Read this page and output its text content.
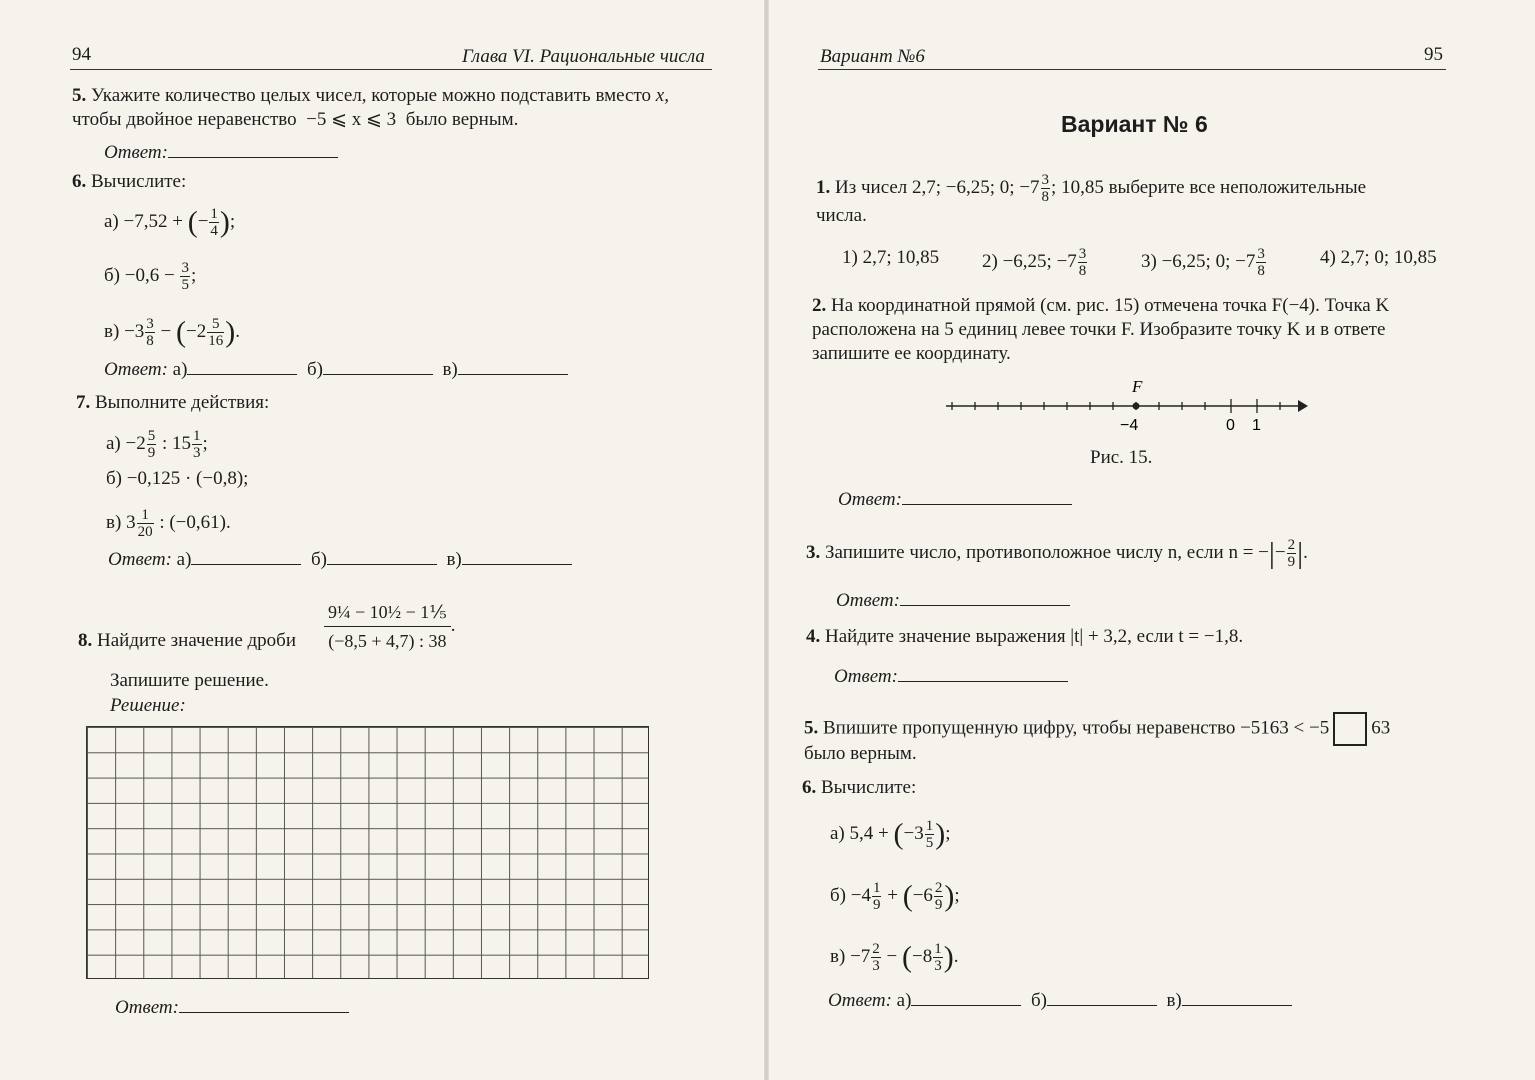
94	Глава VI. Рациональные числа
5. Укажите количество целых чисел, которые можно подставить вместо x,
чтобы двойное неравенство −5 ⩽ x ⩽ 3 было верным.
Ответ:
6. Вычислите:
а) −7,52 + (− $\frac{1}{4}$ );
$б) -0,6 - \frac{3}{5}$ ;
$в) -3 \frac{3}{8} - (-2 \frac{5}{16}$ ).
Ответ: а)	б)	в)
7. Выполните действия:
$а) -2 \frac{5}{9}$ : $15 \frac{1}{3}$ ;
б) −0,125 · (−0,8);
в) $3 \frac{1}{20}$ : (−0,61).
Ответ: а)	б)	в)
8. Найдите значение дроби $\frac{\text{9¼ − 10½ − 1⅕}}{(-8,5 + 4,7) : 38}$ .
Запишите решение.
Решение:
Ответ:
Вариант №6	95
Вариант № 6
1. Из чисел 2,7; −6,25; 0; $-7 \frac{3}{8}$ ; 10,85 выберите все неположительные
числа.
1) 2,7; 10,85 2) −6,25; $-7 \frac{3}{8}$	3) −6,25; 0; $-7 \frac{3}{8}$	4) 2,7; 0; 10,85
2. На координатной прямой (см. рис. 15) отмечена точка F(−4). Точка K
расположена на 5 единиц левее точки F. Изобразите точку K и в ответе
запишите ее координату.
F
−4	0 1
Рис. 15.
Ответ:
3. Запишите число, противоположное числу n, если n = −|− $\frac{2}{9}$ |.
Ответ:
4. Найдите значение выражения |t| + 3,2, если t = −1,8.
Ответ:
5. Впишите пропущенную цифру, чтобы неравенство −5163 < −5 63
было верным.
6. Вычислите:
а) $5,4 + (-3 \frac{1}{5}$ );
$б) -4 \frac{1}{9} + (-6 \frac{2}{9}$ );
$в) -7 \frac{2}{3} - (-8 \frac{1}{3}$ ).
Ответ: а)	б)	в)
